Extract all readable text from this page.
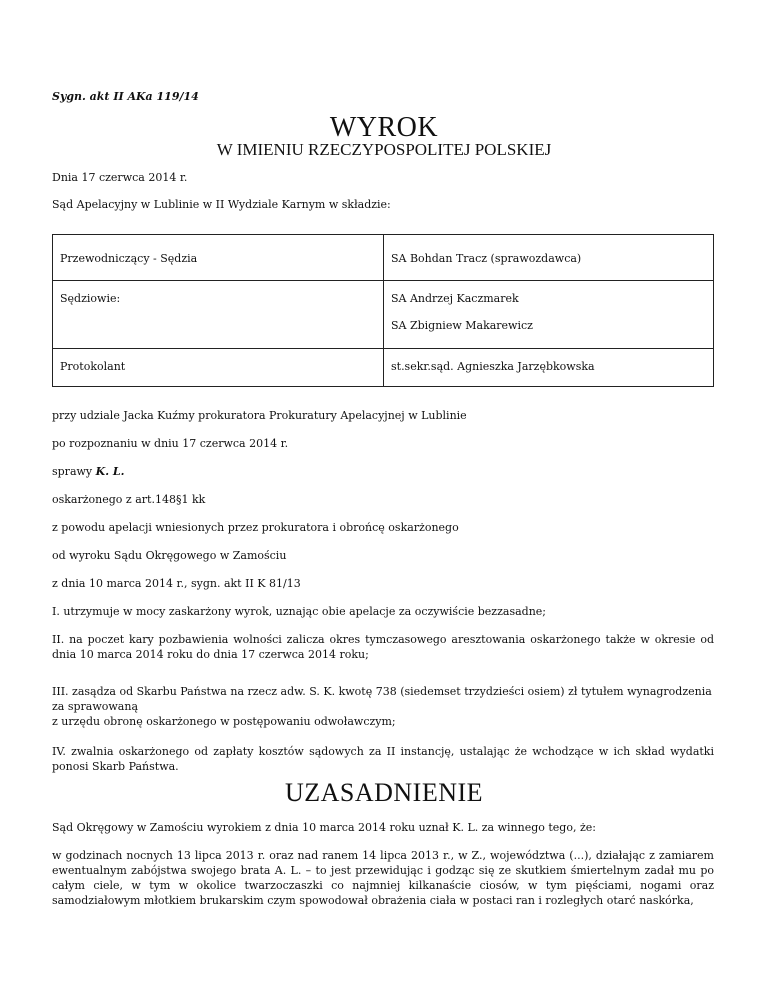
Sygn. akt II AKa 119/14
WYROK
W IMIENIU RZECZYPOSPOLITEJ POLSKIEJ
Dnia 17 czerwca 2014 r.
Sąd Apelacyjny w Lublinie w II Wydziale Karnym w składzie:
Przewodniczący - Sędzia	SA Bohdan Tracz (sprawozdawca)

Sędziowie:	SA Andrzej Kaczmarek
SA Zbigniew Makarewicz

Protokolant	st.sekr.sąd. Agnieszka Jarzębkowska
przy udziale Jacka Kuźmy prokuratora Prokuratury Apelacyjnej w Lublinie
po rozpoznaniu w dniu 17 czerwca 2014 r.
sprawy K. L.
oskarżonego z art.148§1 kk
z powodu apelacji wniesionych przez prokuratora i obrońcę oskarżonego
od wyroku Sądu Okręgowego w Zamościu
z dnia 10 marca 2014 r., sygn. akt II K 81/13
I. utrzymuje w mocy zaskarżony wyrok, uznając obie apelacje za oczywiście bezzasadne;
II. na poczet kary pozbawienia wolności zalicza okres tymczasowego aresztowania oskarżonego także w okresie od dnia 10 marca 2014 roku do dnia 17 czerwca 2014 roku;
III. zasądza od Skarbu Państwa na rzecz adw. S. K. kwotę 738 (siedemset trzydzieści osiem) zł tytułem wynagrodzenia za sprawowaną
z urzędu obronę oskarżonego w postępowaniu odwoławczym;
IV. zwalnia oskarżonego od zapłaty kosztów sądowych za II instancję, ustalając że wchodzące w ich skład wydatki ponosi Skarb Państwa.
UZASADNIENIE
Sąd Okręgowy w Zamościu wyrokiem z dnia 10 marca 2014 roku uznał K. L. za winnego tego, że:
w godzinach nocnych 13 lipca 2013 r. oraz nad ranem 14 lipca 2013 r., w Z., województwa (...), działając z zamiarem ewentualnym zabójstwa swojego brata A. L. – to jest przewidując i godząc się ze skutkiem śmiertelnym zadał mu po całym ciele, w tym w okolice twarzoczaszki co najmniej kilkanaście ciosów, w tym pięściami, nogami oraz samodziałowym młotkiem brukarskim czym spowodował obrażenia ciała w postaci ran i rozległych otarć naskórka,
